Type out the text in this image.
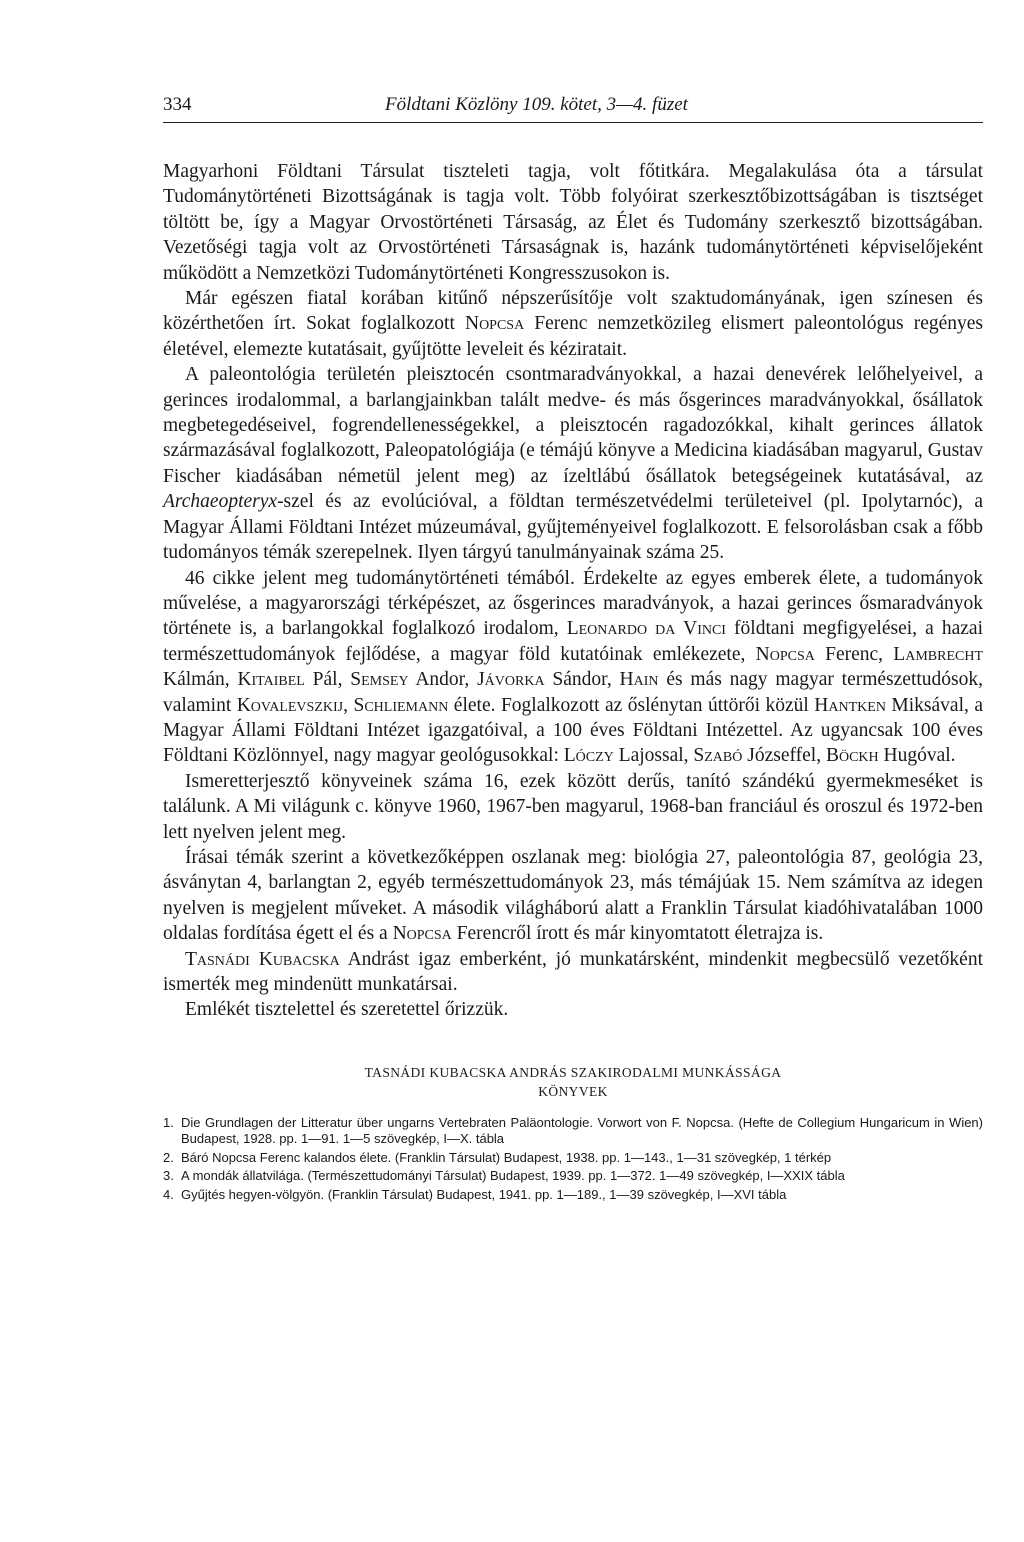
334	Földtani Közlöny 109. kötet, 3—4. füzet

Magyarhoni Földtani Társulat tiszteleti tagja, volt főtitkára. Megalakulása óta a társulat Tudománytörténeti Bizottságának is tagja volt. Több folyóirat szerkesztőbizottságában is tisztséget töltött be, így a Magyar Orvostörténeti Társaság, az Élet és Tudomány szerkesztő bizottságában. Vezetőségi tagja volt az Orvostörténeti Társaságnak is, hazánk tudománytörténeti képviselőjeként működött a Nemzetközi Tudománytörténeti Kongresszusokon is.

Már egészen fiatal korában kitűnő népszerűsítője volt szaktudományának, igen színesen és közérthetően írt. Sokat foglalkozott Nopcsa Ferenc nemzetközileg elismert paleontológus regényes életével, elemezte kutatásait, gyűjtötte leveleit és kéziratait.

A paleontológia területén pleisztocén csontmaradványokkal, a hazai denevérek lelőhelyeivel, a gerinces irodalommal, a barlangjainkban talált medve- és más ősgerinces maradványokkal, ősállatok megbetegedéseivel, fogrendellenességekkel, a pleisztocén ragadozókkal, kihalt gerinces állatok származásával foglalkozott, Paleopatológiája (e témájú könyve a Medicina kiadásában magyarul, Gustav Fischer kiadásában németül jelent meg) az ízeltlábú ősállatok betegségeinek kutatásával, az Archaeopteryx-szel és az evolúcióval, a földtan természetvédelmi területeivel (pl. Ipolytarnóc), a Magyar Állami Földtani Intézet múzeumával, gyűjteményeivel foglalkozott. E felsorolásban csak a főbb tudományos témák szerepelnek. Ilyen tárgyú tanulmányainak száma 25.

46 cikke jelent meg tudománytörténeti témából. Érdekelte az egyes emberek élete, a tudományok művelése, a magyarországi térképészet, az ősgerinces maradványok, a hazai gerinces ősmaradványok története is, a barlangokkal foglalkozó irodalom, Leonardo da Vinci földtani megfigyelései, a hazai természettudományok fejlődése, a magyar föld kutatóinak emlékezete, Nopcsa Ferenc, Lambrecht Kálmán, Kitaibel Pál, Semsey Andor, Jávorka Sándor, Hain és más nagy magyar természettudósok, valamint Kovalevszkij, Schliemann élete. Foglalkozott az őslénytan úttörői közül Hantken Miksával, a Magyar Állami Földtani Intézet igazgatóival, a 100 éves Földtani Intézettel. Az ugyancsak 100 éves Földtani Közlönnyel, nagy magyar geológusokkal: Lóczy Lajossal, Szabó Józseffel, Böckh Hugóval.

Ismeretterjesztő könyveinek száma 16, ezek között derűs, tanító szándékú gyermekmeséket is találunk. A Mi világunk c. könyve 1960, 1967-ben magyarul, 1968-ban franciául és oroszul és 1972-ben lett nyelven jelent meg.

Írásai témák szerint a következőképpen oszlanak meg: biológia 27, paleontológia 87, geológia 23, ásványtan 4, barlangtan 2, egyéb természettudományok 23, más témájúak 15. Nem számítva az idegen nyelven is megjelent műveket. A második világháború alatt a Franklin Társulat kiadóhivatalában 1000 oldalas fordítása égett el és a Nopcsa Ferencről írott és már kinyomtatott életrajza is.

Tasnádi Kubacska Andrást igaz emberként, jó munkatársként, mindenkit megbecsülő vezetőként ismerték meg mindenütt munkatársai.

Emlékét tisztelettel és szeretettel őrizzük.

TASNÁDI KUBACSKA ANDRÁS SZAKIRODALMI MUNKÁSSÁGA
KÖNYVEK
1. Die Grundlagen der Litteratur über ungarns Vertebraten Paläontologie. Vorwort von F. Nopcsa. (Hefte de Collegium Hungaricum in Wien) Budapest, 1928. pp. 1—91. 1—5 szövegkép, I—X. tábla
2. Báró Nopcsa Ferenc kalandos élete. (Franklin Társulat) Budapest, 1938. pp. 1—143., 1—31 szövegkép, 1 térkép
3. A mondák állatvilága. (Természettudományi Társulat) Budapest, 1939. pp. 1—372. 1—49 szövegkép, I—XXIX tábla
4. Gyűjtés hegyen-völgyön. (Franklin Társulat) Budapest, 1941. pp. 1—189., 1—39 szövegkép, I—XVI tábla
